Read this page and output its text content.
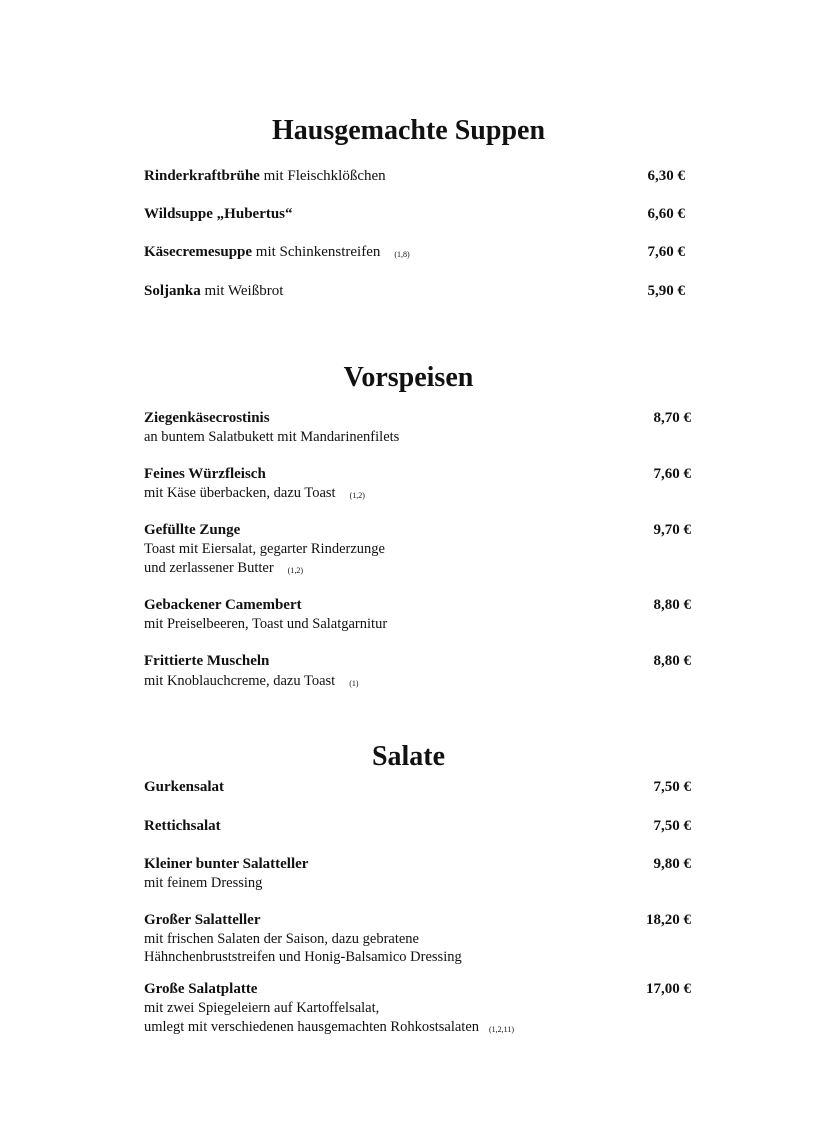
Hausgemachte Suppen
Rinderkraftbrühe mit Fleischklößchen	6,30 €
Wildsuppe „Hubertus“	6,60 €
Käsecremesuppe mit Schinkenstreifen (1,8)	7,60 €
Soljanka mit Weißbrot	5,90 €
Vorspeisen
Ziegenkäsecrostinis	8,70 €
an buntem Salatbukett mit Mandarinenfilets
Feines Würzfleisch	7,60 €
mit Käse überbacken, dazu Toast (1,2)
Gefüllte Zunge	9,70 €
Toast mit Eiersalat, gegarter Rinderzunge
und zerlassener Butter (1,2)
Gebackener Camembert	8,80 €
mit Preiselbeeren, Toast und Salatgarnitur
Frittierte Muscheln	8,80 €
mit Knoblauchcreme, dazu Toast (1)
Salate
Gurkensalat	7,50 €
Rettichsalat	7,50 €
Kleiner bunter Salatteller	9,80 €
mit feinem Dressing
Großer Salatteller	18,20 €
mit frischen Salaten der Saison, dazu gebratene
Hähnchenbruststreifen und Honig-Balsamico Dressing
Große Salatplatte	17,00 €
mit zwei Spiegeleiern auf Kartoffelsalat,
umlegt mit verschiedenen hausgemachten Rohkostsalaten (1,2,11)
